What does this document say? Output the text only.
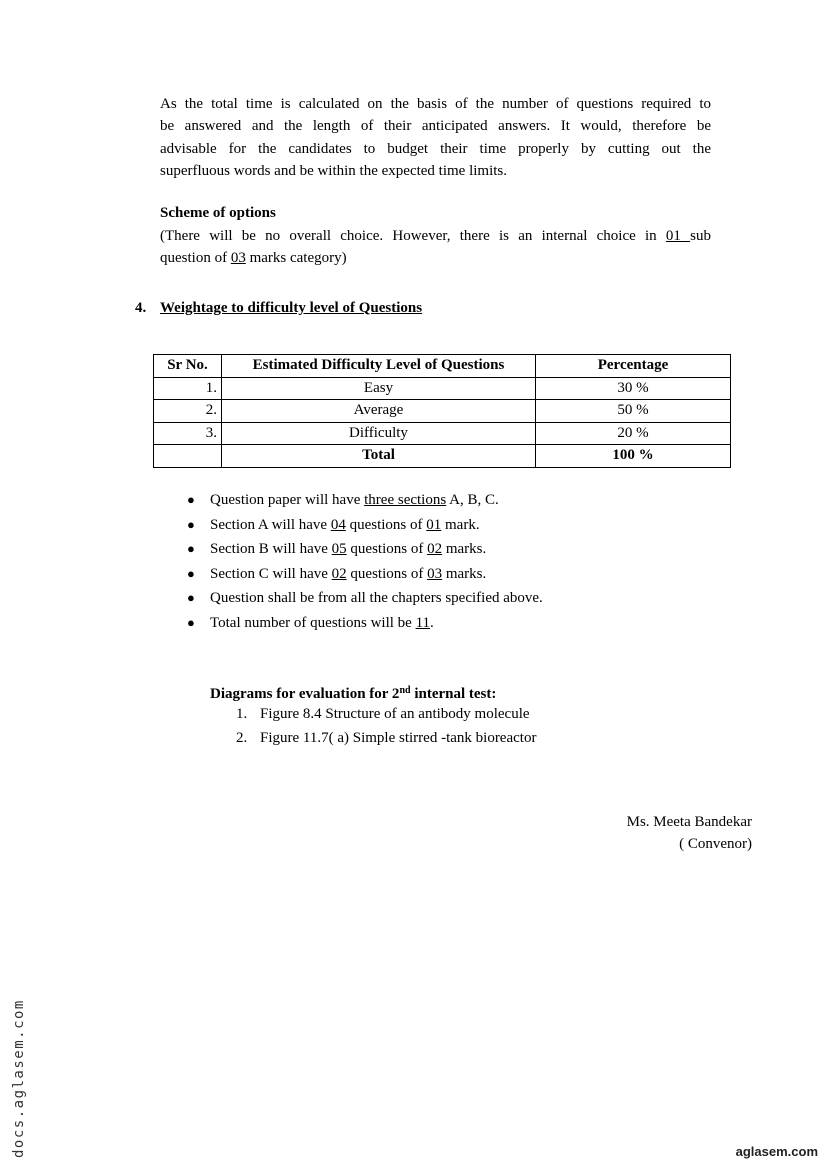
As the total time is calculated on the basis of the number of questions required to
be answered and the length of their anticipated answers. It would, therefore be
advisable for the candidates to budget their time properly by cutting out the
superfluous words and be within the expected time limits.
Scheme of options
(There will be no overall choice. However, there is an internal choice in 01 sub
question of 03 marks category)
4. Weightage to difficulty level of Questions
Sr No.	Estimated Difficulty Level of Questions	Percentage
1.	Easy	30 %
2.	Average	50 %
3.	Difficulty	20 %
	Total	100 %
● Question paper will have three sections A, B, C.
● Section A will have 04 questions of 01 mark.
● Section B will have 05 questions of 02 marks.
● Section C will have 02 questions of 03 marks.
● Question shall be from all the chapters specified above.
● Total number of questions will be 11.
Diagrams for evaluation for 2nd internal test:
1. Figure 8.4 Structure of an antibody molecule
2. Figure 11.7( a) Simple stirred -tank bioreactor
Ms. Meeta Bandekar
( Convenor)
docs.aglasem.com	aglasem.com
